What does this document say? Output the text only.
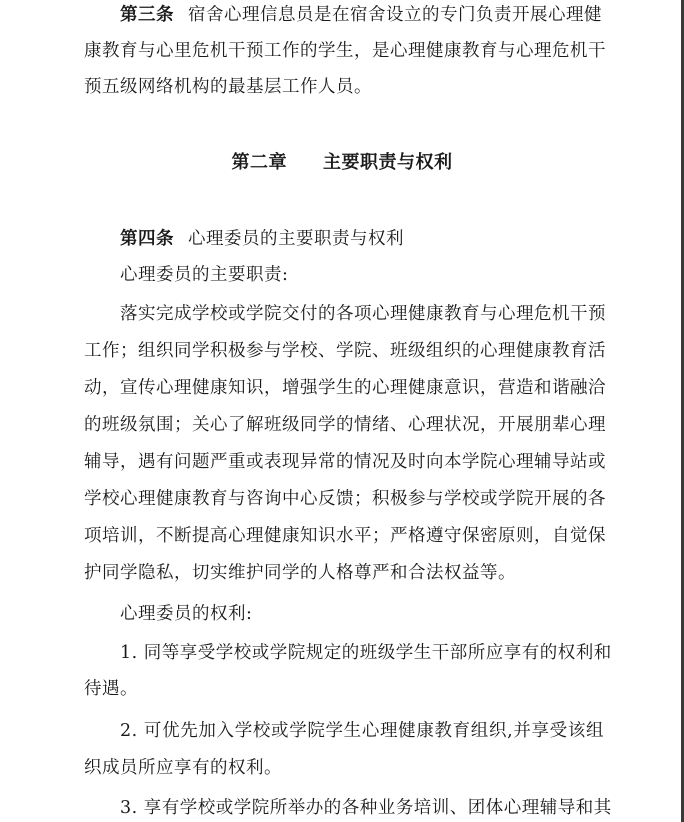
第三条 宿舍心理信息员是在宿舍设立的专门负责开展心理健
康教育与心里危机干预工作的学生，是心理健康教育与心理危机干
预五级网络机构的最基层工作人员。
第二章 主要职责与权利
第四条 心理委员的主要职责与权利
心理委员的主要职责:
落实完成学校或学院交付的各项心理健康教育与心理危机干预
工作；组织同学积极参与学校、学院、班级组织的心理健康教育活
动，宣传心理健康知识，增强学生的心理健康意识，营造和谐融洽
的班级氛围；关心了解班级同学的情绪、心理状况，开展朋辈心理
辅导，遇有问题严重或表现异常的情况及时向本学院心理辅导站或
学校心理健康教育与咨询中心反馈；积极参与学校或学院开展的各
项培训，不断提高心理健康知识水平；严格遵守保密原则，自觉保
护同学隐私，切实维护同学的人格尊严和合法权益等。
心理委员的权利:
1. 同等享受学校或学院规定的班级学生干部所应享有的权利和
待遇。
2. 可优先加入学校或学院学生心理健康教育组织,并享受该组
织成员所应享有的权利。
3. 享有学校或学院所举办的各种业务培训、团体心理辅导和其
